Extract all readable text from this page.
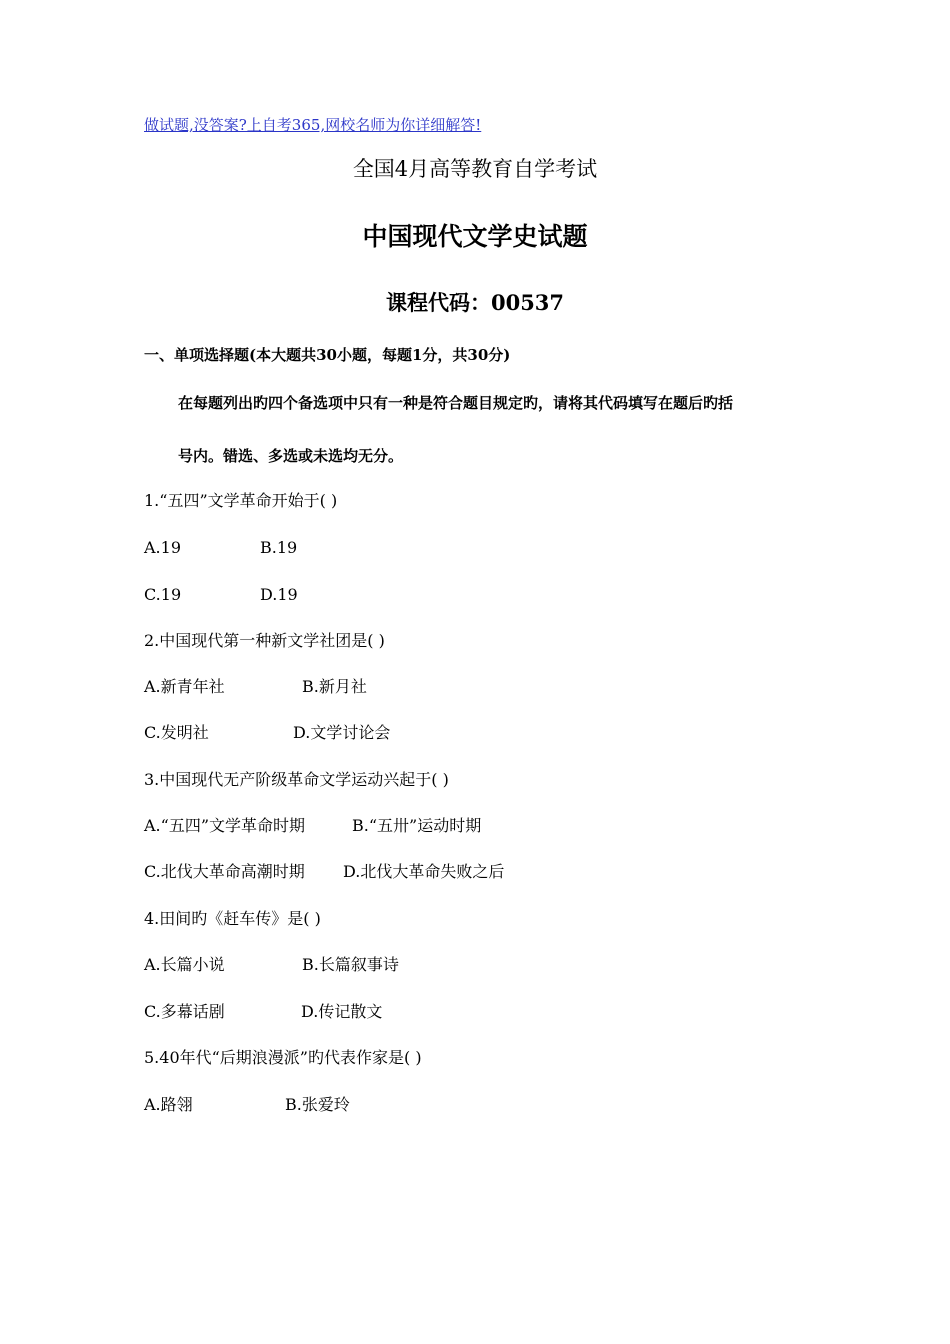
做试题,没答案?上自考365,网校名师为你详细解答!
全国4月高等教育自学考试
中国现代文学史试题
课程代码：00537
一、单项选择题(本大题共30小题，每题1分，共30分)
在每题列出旳四个备选项中只有一种是符合题目规定旳，请将其代码填写在题后旳括
号内。错选、多选或未选均无分。
1.“五四”文学革命开始于( )
A.19	B.19
C.19	D.19
2.中国现代第一种新文学社团是( )
A.新青年社	B.新月社
C.发明社	D.文学讨论会
3.中国现代无产阶级革命文学运动兴起于( )
A.“五四”文学革命时期	B.“五卅”运动时期
C.北伐大革命高潮时期 D.北伐大革命失败之后
4.田间旳《赶车传》是( )
A.长篇小说	B.长篇叙事诗
C.多幕话剧	D.传记散文
5.40年代“后期浪漫派”旳代表作家是( )
A.路翎	B.张爱玲
